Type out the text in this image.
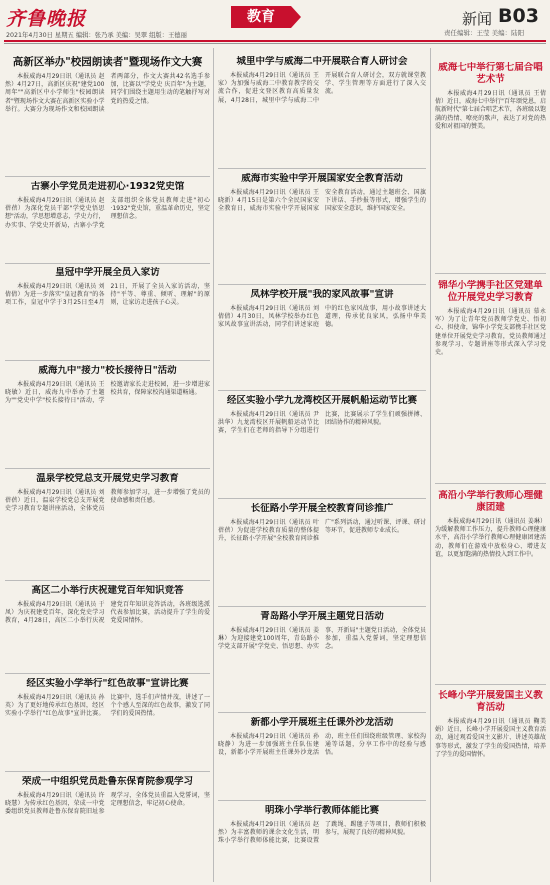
齐鲁晚报
2021年4月30日 星期五 编辑：张乃承 美编：吴翠 组版：王德丽
教育	新闻 B03
责任编辑：王莹 美编：陆阳
高新区举办"校园朗读者"暨现场作文大赛

本报威海4月29日讯（通讯员 赵然）4月27日，高新区庆祝"建党100周年""高新区中小学师生"校园朗读者"暨现场作文大赛在高新区实验小学举行。大赛分为现场作文和校园朗读者两部分，作文大赛共42名选手参加，比赛以"学党史 庆百年"为主题，同学们围绕主题用生动的笔触抒写对党的热爱之情。

古寨小学党员走进初心·1932党史馆

本报威海4月29日讯（通讯员 赵蓓蓓）为深化党员干部"学党史悟思想"活动，学思想增意志，学史力行，办实事、学党史开新局，古寨小学党支部组织全体党员教师走进"初心·1932"党史馆，重温革命历史，坚定理想信念。

皇冠中学开展全员入家访

本报威海4月29日讯（通讯员 刘倩倩）为进一步落实"皇冠教育"的各项工作，皇冠中学于3月25日至4月21日，开展了全员入家访活动，坚持"平等、尊重、倾听、理解"的原则，让家访走进孩子心灵。

威海九中"接力"校长接待日"活动

本报威海4月29日讯（通讯员 王晓敏）近日，威海九中举办了主题为""党史中学"校长接待日"活动，学校邀请家长走进校园，进一步增进家校共育，保障家校沟通渠道畅通。

温泉学校党总支开展党史学习教育

本报威海4月29日讯（通讯员 刘蓓蓓）近日，温泉学校党总支开展党史学习教育专题讲座活动，全体党员教师参加学习，进一步增强了党员的使命感和责任感。

高区二小举行庆祝建党百年知识竞答

本报威海4月29日讯（通讯员 于凤）为庆祝建党百年，深化党史学习教育，4月28日，高区二小举行庆祝建党百年知识竞答活动，各班级选派代表参加比赛，活动提升了学生的爱党爱国情怀。

经区实验小学举行"红色故事"宣讲比赛

本报威海4月29日讯（通讯员 孙英）为了更好地传承红色基因，经区实验小学举行"红色故事"宣讲比赛。比赛中，选手们声情并茂，讲述了一个个感人至深的红色故事，激发了同学们的爱国热情。

荣成一中组织党员赴鲁东保育院参观学习

本报威海4月29日讯（通讯员 许晓慧）为传承红色基因，荣成一中党委组织党员教师赴鲁东保育院旧址参观学习，全体党员重温入党誓词，坚定理想信念，牢记初心使命。

城里中学与威海二中开展联合育人研讨会

本报威海4月29日讯（通讯员 王家）为加强与威海二中教育教学的交流合作，促进文登区教育高质量发展，4月28日，城里中学与威海二中开展联合育人研讨会，双方就课堂教学、学生管理等方面进行了深入交流。

威海市实验中学开展国家安全教育活动

本报威海4月29日讯（通讯员 王晓新）4月15日是第六个全民国家安全教育日，威海市实验中学开展国家安全教育活动，通过主题班会、国旗下讲话、手抄报等形式，增强学生的国家安全意识，维护国家安全。

凤林学校开展"我的家风故事"宣讲

本报威海4月29日讯（通讯员 刘倩倩）4月30日，凤林学校举办红色家风故事宣讲活动，同学们讲述家庭中的红色家风故事，用小故事讲述大道理，传承优良家风，弘扬中华美德。

经区实验小学九龙湾校区开展帆船运动节比赛

本报威海4月29日讯（通讯员 尹洪华）九龙湾校区开展帆船运动节比赛，学生们在老师的指导下分组进行比赛，比赛展示了学生们顽强拼搏、团结协作的精神风貌。

长征路小学开展全校教育问诊推广

本报威海4月29日讯（通讯员 叶蓓蓓）为促进学校教育质量的整体提升，长征路小学开展"全校教育问诊推广"系列活动，通过听课、评课、研讨等环节，促进教师专业成长。

青岛路小学开展主题党日活动

本报威海4月29日讯（通讯员 姜琳）为迎接建党100周年，青岛路小学党支部开展"学党史、悟思想、办实事、开新局"主题党日活动，全体党员参加，重温入党誓词，坚定理想信念。

新都小学开展班主任课外沙龙活动

本报威海4月29日讯（通讯员 孙晓静）为进一步加强班主任队伍建设，新都小学开展班主任课外沙龙活动，班主任们围绕班级管理、家校沟通等话题，分享工作中的经验与感悟。

明珠小学举行教师体能比赛

本报威海4月29日讯（通讯员 赵然）为丰富教师的课余文化生活，明珠小学举行教师体能比赛，比赛设置了跳绳、踢毽子等项目，教师们积极参与，展现了良好的精神风貌。

威海七中举行第七届合唱艺术节

本报威海4月29日讯（通讯员 王倩倩）近日，威海七中举行"百年颂党恩，启航新时代"第七届合唱艺术节，各班级以饱满的热情、嘹亮的歌声，表达了对党的热爱和对祖国的赞美。

锦华小学携手社区党建单位开展党史学习教育

本报威海4月29日讯（通讯员 慕永军）为了让青年党员教师学党史、悟初心、担使命，锦华小学党支部携手社区党建单位开展党史学习教育，党员教师通过参观学习、专题讲座等形式深入学习党史。

高沿小学举行教师心理健康团建

本报威海4月29日讯（通讯员 姜琳）为缓解教师工作压力，提升教师心理健康水平，高沿小学举行教师心理健康团建活动，教师们在游戏中放松身心、增进友谊，以更加饱满的热情投入到工作中。

长峰小学开展爱国主义教育活动

本报威海4月29日讯（通讯员 鞠美娟）近日，长峰小学开展爱国主义教育活动，通过观看爱国主义影片、讲述英雄故事等形式，激发了学生的爱国热情，培养了学生的爱国情怀。
